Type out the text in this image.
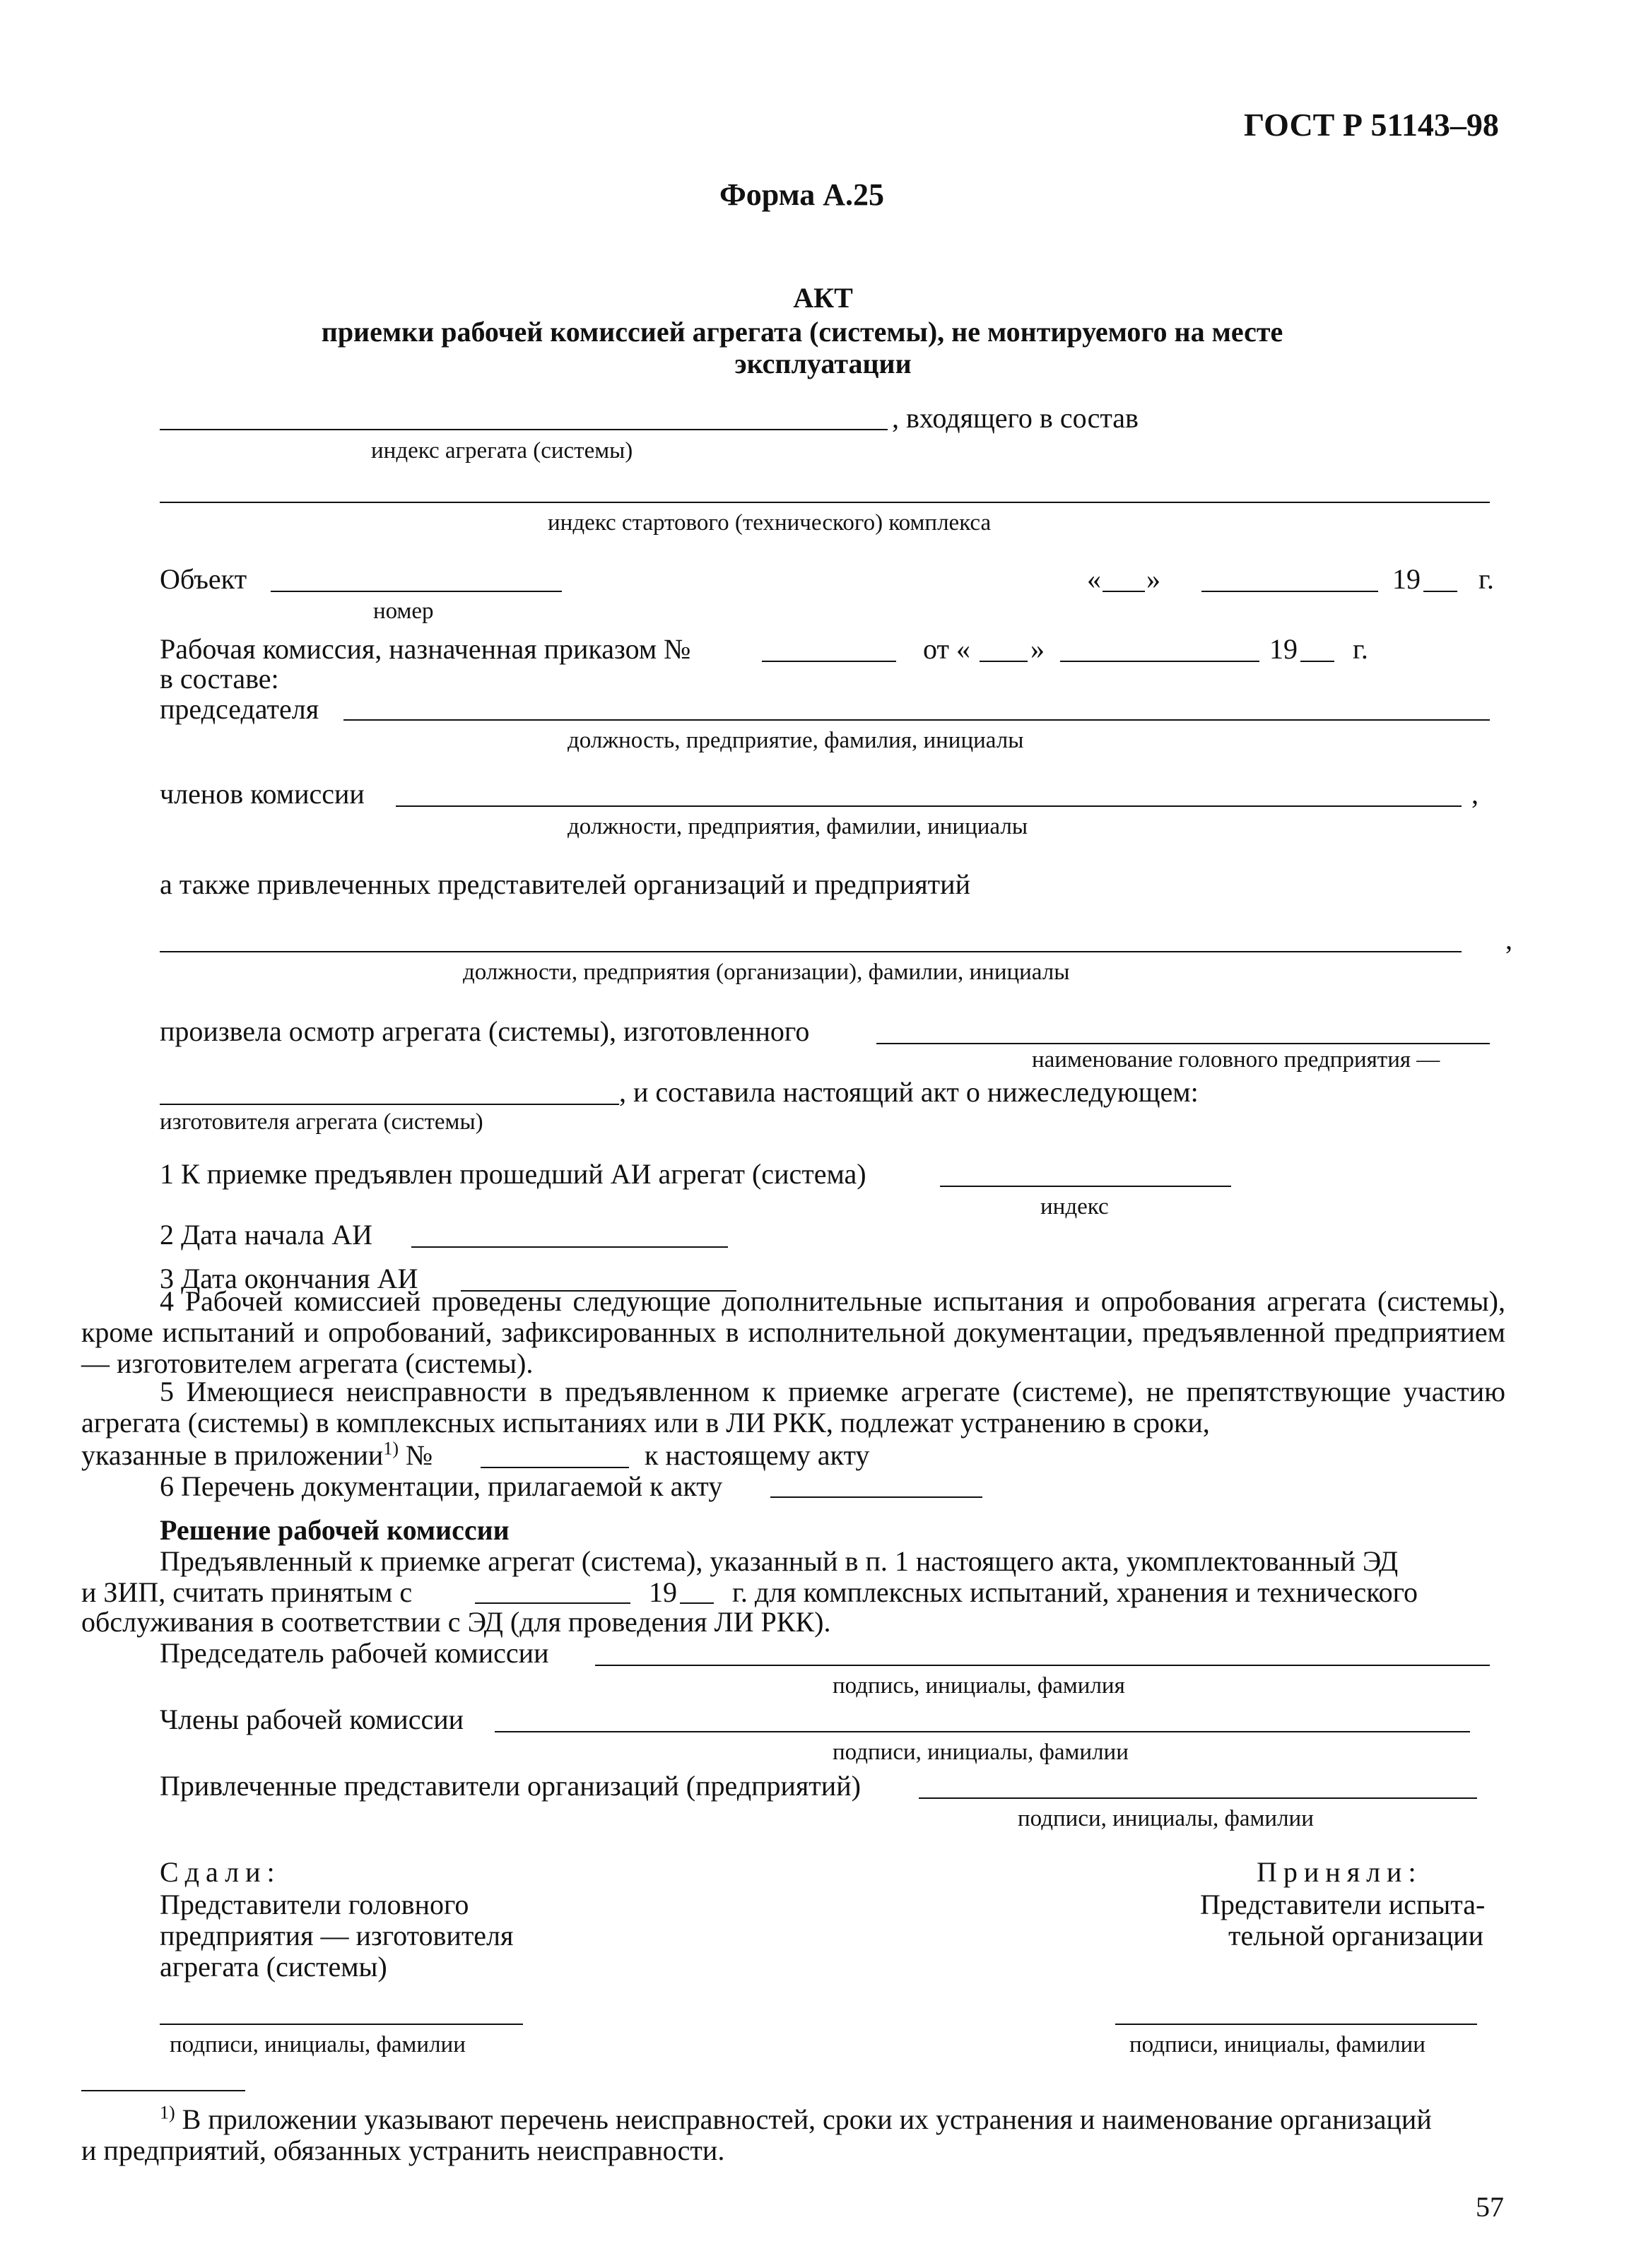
ГОСТ Р 51143–98
Форма А.25
АКТ
приемки рабочей комиссией агрегата (системы), не монтируемого на месте
эксплуатации
, входящего в состав
индекс агрегата (системы)
индекс стартового (технического) комплекса
Объект
номер
« »	19 г.
Рабочая комиссия, назначенная приказом №	от « »	19 г.
в составе:
председателя
должность, предприятие, фамилия, инициалы
членов комиссии	,
должности, предприятия, фамилии, инициалы
а также привлеченных представителей организаций и предприятий
,
должности, предприятия (организации), фамилии, инициалы
произвела осмотр агрегата (системы), изготовленного
наименование головного предприятия —
, и составила настоящий акт о нижеследующем:
изготовителя агрегата (системы)
1 К приемке предъявлен прошедший АИ агрегат (система)
индекс
2 Дата начала АИ
3 Дата окончания АИ
4 Рабочей комиссией проведены следующие дополнительные испытания и опробования агрегата (системы), кроме испытаний и опробований, зафиксированных в исполнительной документации, предъявленной предприятием — изготовителем агрегата (системы).
5 Имеющиеся неисправности в предъявленном к приемке агрегате (системе), не препятствующие участию агрегата (системы) в комплексных испытаниях или в ЛИ РКК, подлежат устранению в сроки,
указанные в приложении$^{1)}$ №	к настоящему акту
6 Перечень документации, прилагаемой к акту
Решение рабочей комиссии
Предъявленный к приемке агрегат (система), указанный в п. 1 настоящего акта, укомплектованный ЭД
и ЗИП, считать принятым с	19 г. для комплексных испытаний, хранения и технического
обслуживания в соответствии с ЭД (для проведения ЛИ РКК).
Председатель рабочей комиссии
подпись, инициалы, фамилия
Члены рабочей комиссии
подписи, инициалы, фамилии
Привлеченные представители организаций (предприятий)
подписи, инициалы, фамилии
Сдали:
Представители головного
предприятия — изготовителя
агрегата (системы)
подписи, инициалы, фамилии
Приняли:
Представители испыта-
тельной организации
подписи, инициалы, фамилии
$^{1)}$ В приложении указывают перечень неисправностей, сроки их устранения и наименование организаций
и предприятий, обязанных устранить неисправности.
57
